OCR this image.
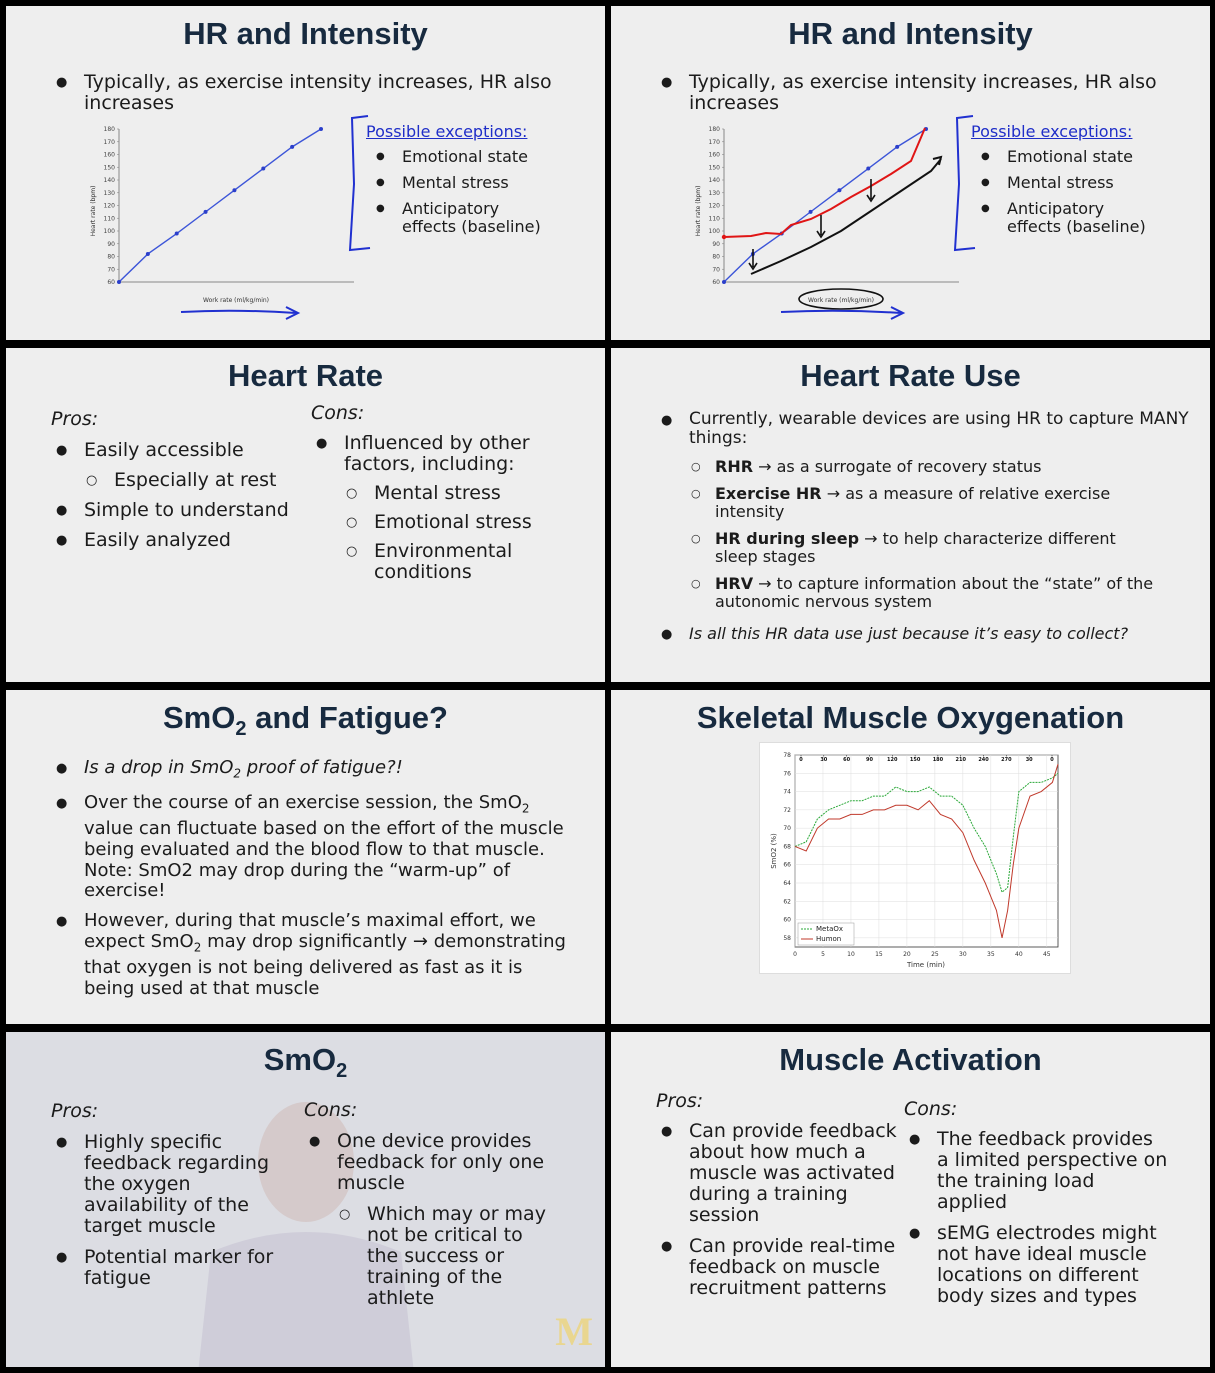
HR and Intensity
● Typically, as exercise intensity increases, HR also increases
180
170
160
150
140
130
120
110
100
90
80
70
60
Heart rate (bpm)
Work rate (ml/kg/min)
Possible exceptions:
● Emotional state
● Mental stress
● Anticipatory effects (baseline)
HR and Intensity
● Typically, as exercise intensity increases, HR also increases
180
170
160
150
140
130
120
110
100
90
80
70
60
Heart rate (bpm)
Work rate (ml/kg/min)
Possible exceptions:
● Emotional state
● Mental stress
● Anticipatory effects (baseline)
Heart Rate
Pros:	Cons:
● Easily accessible
○ Especially at rest
● Simple to understand
● Easily analyzed
● Influenced by other factors, including:
○ Mental stress
○ Emotional stress
○ Environmental conditions
Heart Rate Use
● Currently, wearable devices are using HR to capture MANY things:
○ RHR → as a surrogate of recovery status
○ Exercise HR → as a measure of relative exercise intensity
○ HR during sleep → to help characterize different sleep stages
○ HRV → to capture information about the “state” of the autonomic nervous system
● Is all this HR data use just because it’s easy to collect?
SmO$_2$ and Fatigue?
● Is a drop in SmO$_2$ proof of fatigue?!
● Over the course of an exercise session, the SmO$_2$ value can fluctuate based on the effort of the muscle being evaluated and the blood flow to that muscle. Note: SmO2 may drop during the “warm-up” of exercise!
● However, during that muscle’s maximal effort, we expect SmO$_2$ may drop significantly → demonstrating that oxygen is not being delivered as fast as it is being used at that muscle
Skeletal Muscle Oxygenation
78
76
74
72
70
68
66
64
62
60
58
0	5	10	15	20	25	30	35	40	45
0	30	60	90	120 150 180 210 240 270	30	0
SmO2 (%)
Time (min)
MetaOx
Humon
SmO$_2$
Pros:	Cons:
● Highly specific feedback regarding the oxygen availability of the target muscle
● Potential marker for fatigue
● One device provides feedback for only one muscle
○ Which may or may not be critical to the success or training of the athlete
M
Muscle Activation
Pros:	Cons:
● Can provide feedback about how much a muscle was activated during a training session
● Can provide real-time feedback on muscle recruitment patterns
● The feedback provides a limited perspective on the training load applied
● sEMG electrodes might not have ideal muscle locations on different body sizes and types
